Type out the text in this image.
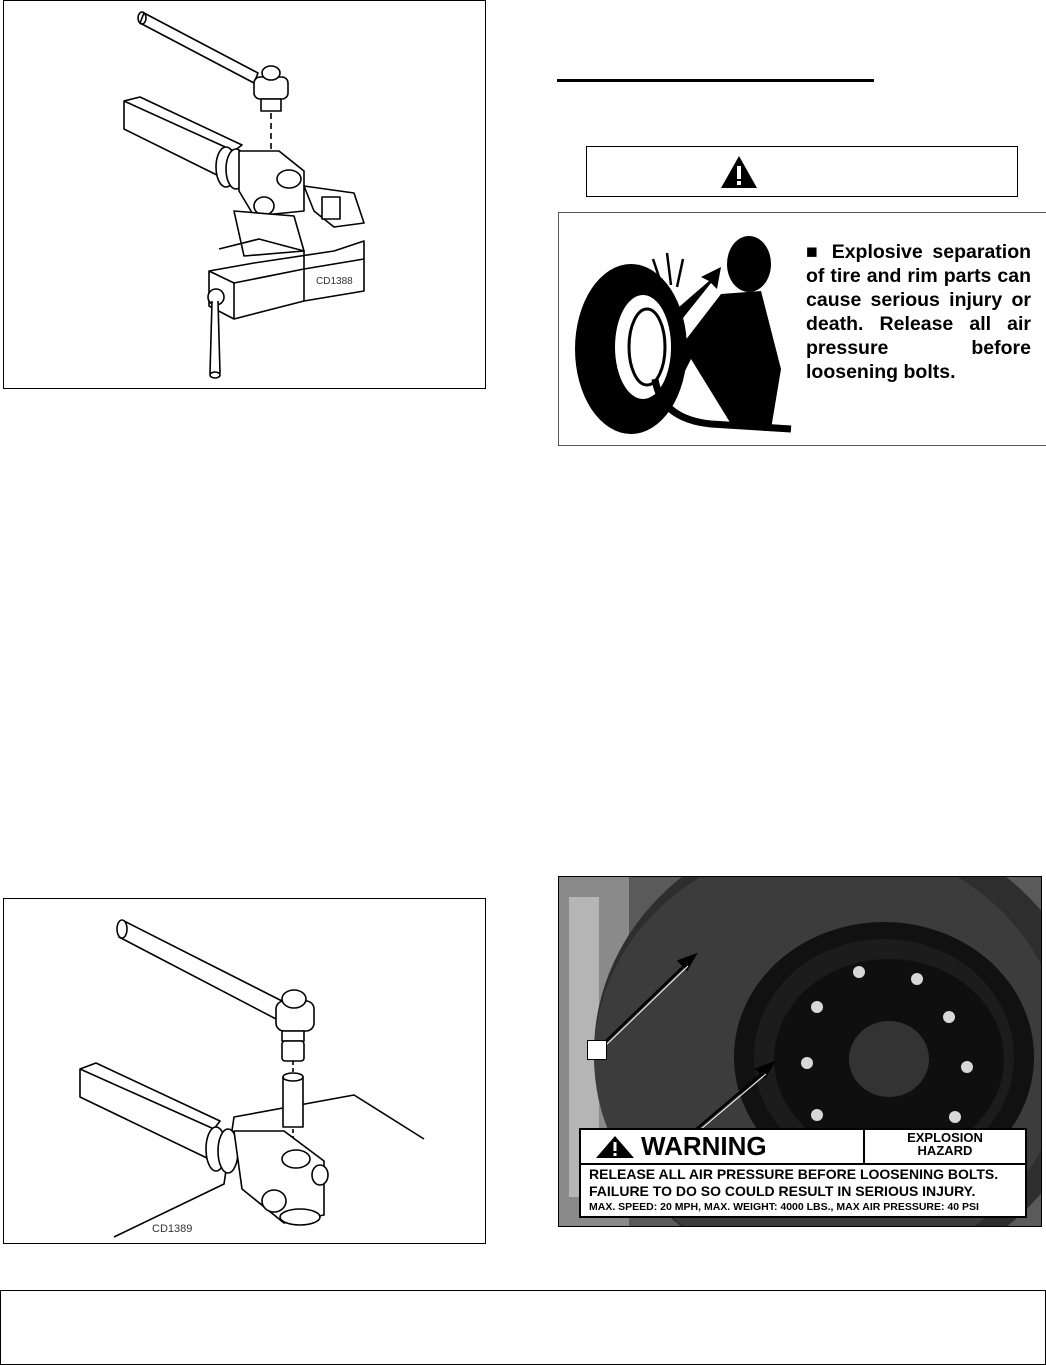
CD1388
■ Explosive separation of tire and rim parts can cause serious injury or death. Release all air pressure before loosening bolts.
CD1389
WARNING	EXPLOSION
HAZARD
RELEASE ALL AIR PRESSURE BEFORE LOOSENING BOLTS.
FAILURE TO DO SO COULD RESULT IN SERIOUS INJURY.
MAX. SPEED: 20 MPH, MAX. WEIGHT: 4000 LBS., MAX AIR PRESSURE: 40 PSI
